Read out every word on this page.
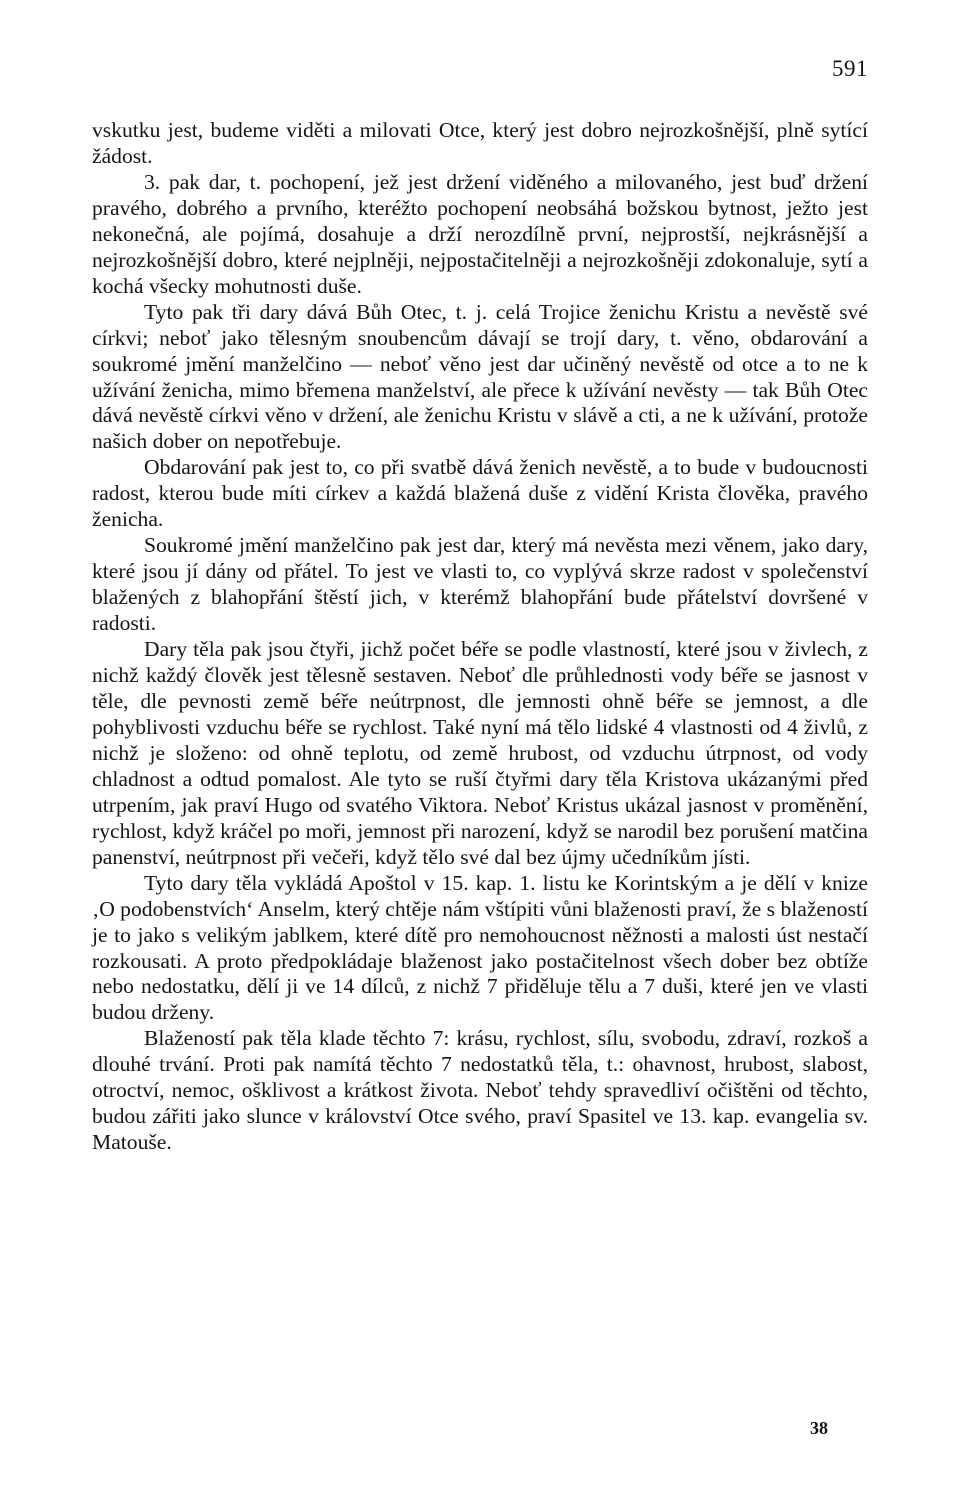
591

vskutku jest, budeme viděti a milovati Otce, který jest dobro nejrozkošnější, plně sytící žádost.

3. pak dar, t. pochopení, jež jest držení viděného a milovaného, jest buď držení pravého, dobrého a prvního, kteréžto pochopení neobsáhá božskou bytnost, ježto jest nekonečná, ale pojímá, dosahuje a drží nerozdílně první, nejprostší, nejkrásnější a nejrozkošnější dobro, které nejplněji, nejpostačitelněji a nejrozkošněji zdokonaluje, sytí a kochá všecky mohutnosti duše.

Tyto pak tři dary dává Bůh Otec, t. j. celá Trojice ženichu Kristu a nevěstě své církvi; neboť jako tělesným snoubencům dávají se trojí dary, t. věno, obdarování a soukromé jmění manželčino — neboť věno jest dar učiněný nevěstě od otce a to ne k užívání ženicha, mimo břemena manželství, ale přece k užívání nevěsty — tak Bůh Otec dává nevěstě církvi věno v držení, ale ženichu Kristu v slávě a cti, a ne k užívání, protože našich dober on nepotřebuje.

Obdarování pak jest to, co při svatbě dává ženich nevěstě, a to bude v budoucnosti radost, kterou bude míti církev a každá blažená duše z vidění Krista člověka, pravého ženicha.

Soukromé jmění manželčino pak jest dar, který má nevěsta mezi věnem, jako dary, které jsou jí dány od přátel. To jest ve vlasti to, co vyplývá skrze radost v společenství blažených z blahopřání štěstí jich, v kterémž blahopřání bude přátelství dovršené v radosti.

Dary těla pak jsou čtyři, jichž počet béře se podle vlastností, které jsou v živlech, z nichž každý člověk jest tělesně sestaven. Neboť dle průhlednosti vody béře se jasnost v těle, dle pevnosti země béře neútrpnost, dle jemnosti ohně béře se jemnost, a dle pohyblivosti vzduchu béře se rychlost. Také nyní má tělo lidské 4 vlastnosti od 4 živlů, z nichž je složeno: od ohně teplotu, od země hrubost, od vzduchu útrpnost, od vody chladnost a odtud pomalost. Ale tyto se ruší čtyřmi dary těla Kristova ukázanými před utrpením, jak praví Hugo od svatého Viktora. Neboť Kristus ukázal jasnost v proměnění, rychlost, když kráčel po moři, jemnost při narození, když se narodil bez porušení matčina panenství, neútrpnost při večeři, když tělo své dal bez újmy učedníkům jísti.

Tyto dary těla vykládá Apoštol v 15. kap. 1. listu ke Korintským a je dělí v knize ‚O podobenstvích‘ Anselm, který chtěje nám vštípiti vůni blaženosti praví, že s blažeností je to jako s velikým jablkem, které dítě pro nemohoucnost něžnosti a malosti úst nestačí rozkousati. A proto předpokládaje blaženost jako postačitelnost všech dober bez obtíže nebo nedostatku, dělí ji ve 14 dílců, z nichž 7 přiděluje tělu a 7 duši, které jen ve vlasti budou drženy.

Blažeností pak těla klade těchto 7: krásu, rychlost, sílu, svobodu, zdraví, rozkoš a dlouhé trvání. Proti pak namítá těchto 7 nedostatků těla, t.: ohavnost, hrubost, slabost, otroctví, nemoc, ošklivost a krátkost života. Neboť tehdy spravedliví očištěni od těchto, budou zářiti jako slunce v království Otce svého, praví Spasitel ve 13. kap. evangelia sv. Matouše.

38
